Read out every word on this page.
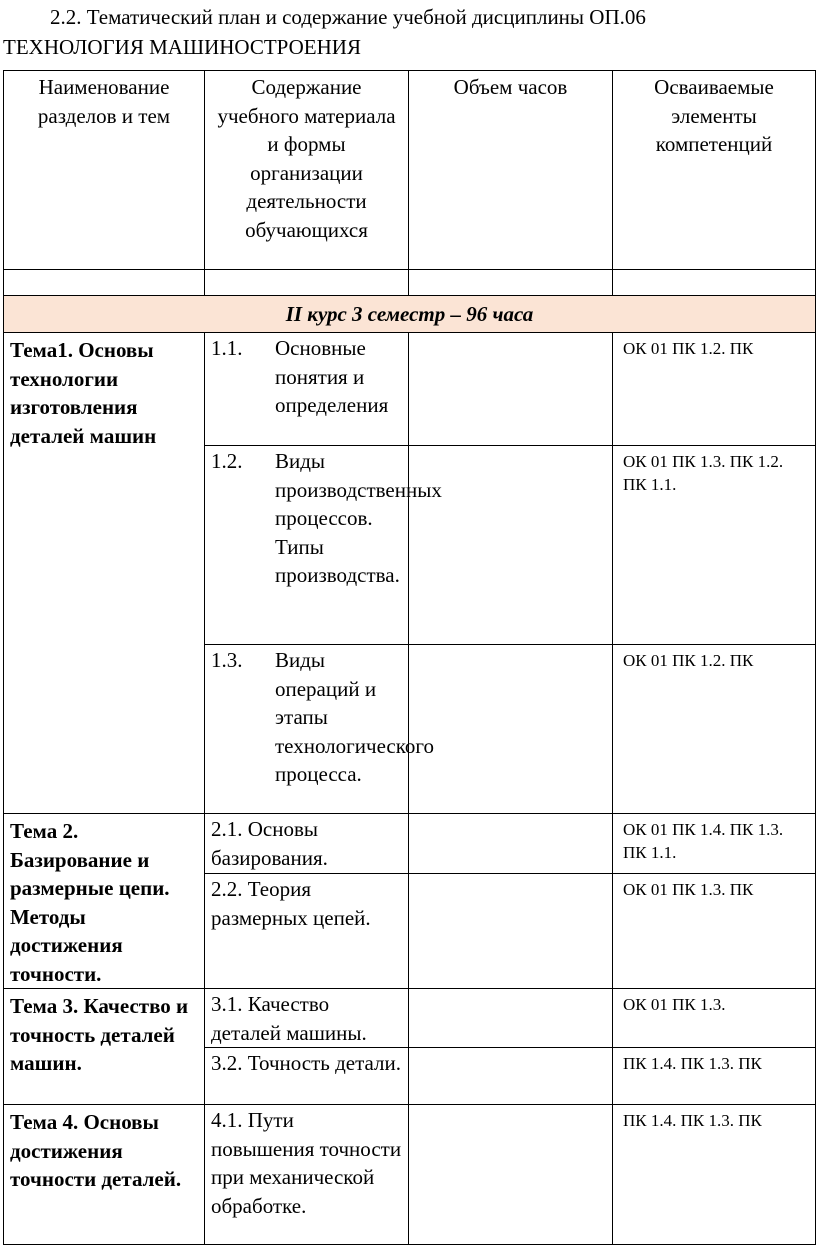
2.2. Тематический план и содержание учебной дисциплины ОП.06
ТЕХНОЛОГИЯ МАШИНОСТРОЕНИЯ
Наименование разделов и тем	Содержание учебного материала и формы организации деятельности обучающихся	Объем часов	Осваиваемые элементы компетенций

II курс 3 семестр – 96 часа			
Тема1. Основы технологии изготовления деталей машин	1.1. Основные понятия и определения		ОК 01 ПК 1.2. ПК
	1.2. Виды производственных процессов. Типы производства.		ОК 01 ПК 1.3. ПК 1.2. ПК 1.1.
	1.3. Виды операций и этапы технологического процесса.		ОК 01 ПК 1.2. ПК
Тема 2. Базирование и размерные цепи. Методы достижения точности.	2.1. Основы базирования.		ОК 01 ПК 1.4. ПК 1.3. ПК 1.1.
	2.2. Теория размерных цепей.		ОК 01 ПК 1.3. ПК
Тема 3. Качество и точность деталей машин.	3.1. Качество деталей машины.		ОК 01 ПК 1.3.
	3.2. Точность детали.		ПК 1.4. ПК 1.3. ПК
Тема 4. Основы достижения точности деталей.	4.1. Пути повышения точности при механической обработке.		ПК 1.4. ПК 1.3. ПК
